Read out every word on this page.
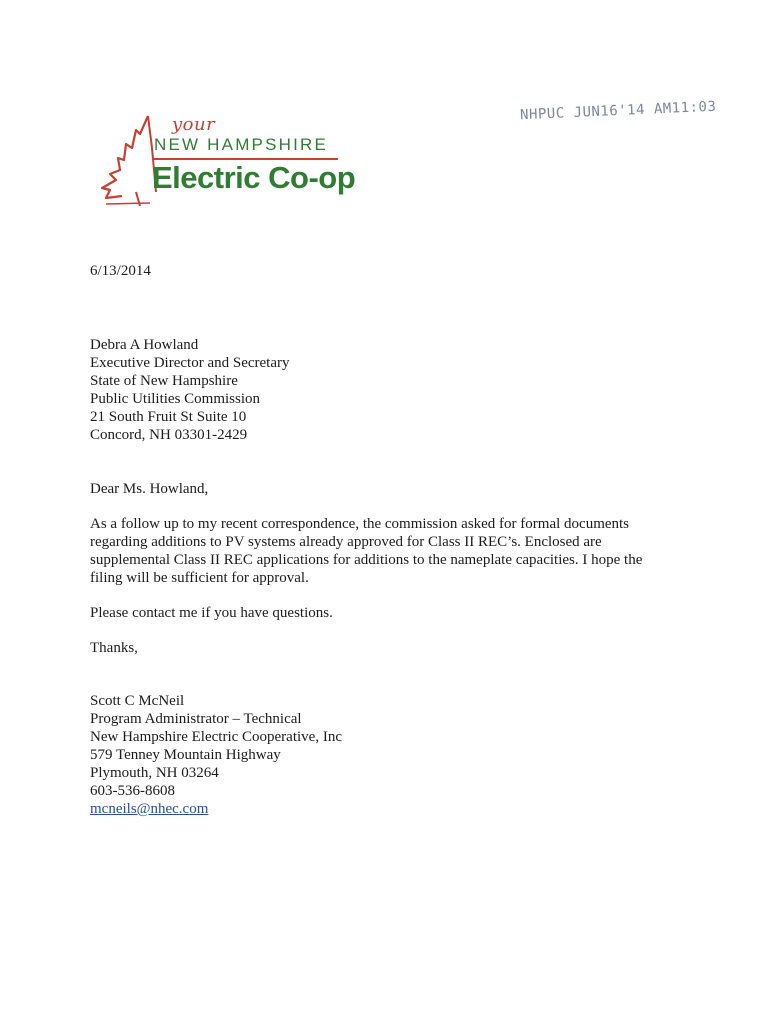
your
NEW HAMPSHIRE
Electric Co-op
NHPUC JUN16'14 AM11:03
6/13/2014
Debra A Howland
Executive Director and Secretary
State of New Hampshire
Public Utilities Commission
21 South Fruit St Suite 10
Concord, NH 03301-2429
Dear Ms. Howland,
As a follow up to my recent correspondence, the commission asked for formal documents
regarding additions to PV systems already approved for Class II REC’s. Enclosed are
supplemental Class II REC applications for additions to the nameplate capacities. I hope the
filing will be sufficient for approval.
Please contact me if you have questions.
Thanks,
Scott C McNeil
Program Administrator – Technical
New Hampshire Electric Cooperative, Inc
579 Tenney Mountain Highway
Plymouth, NH 03264
603-536-8608
mcneils@nhec.com
